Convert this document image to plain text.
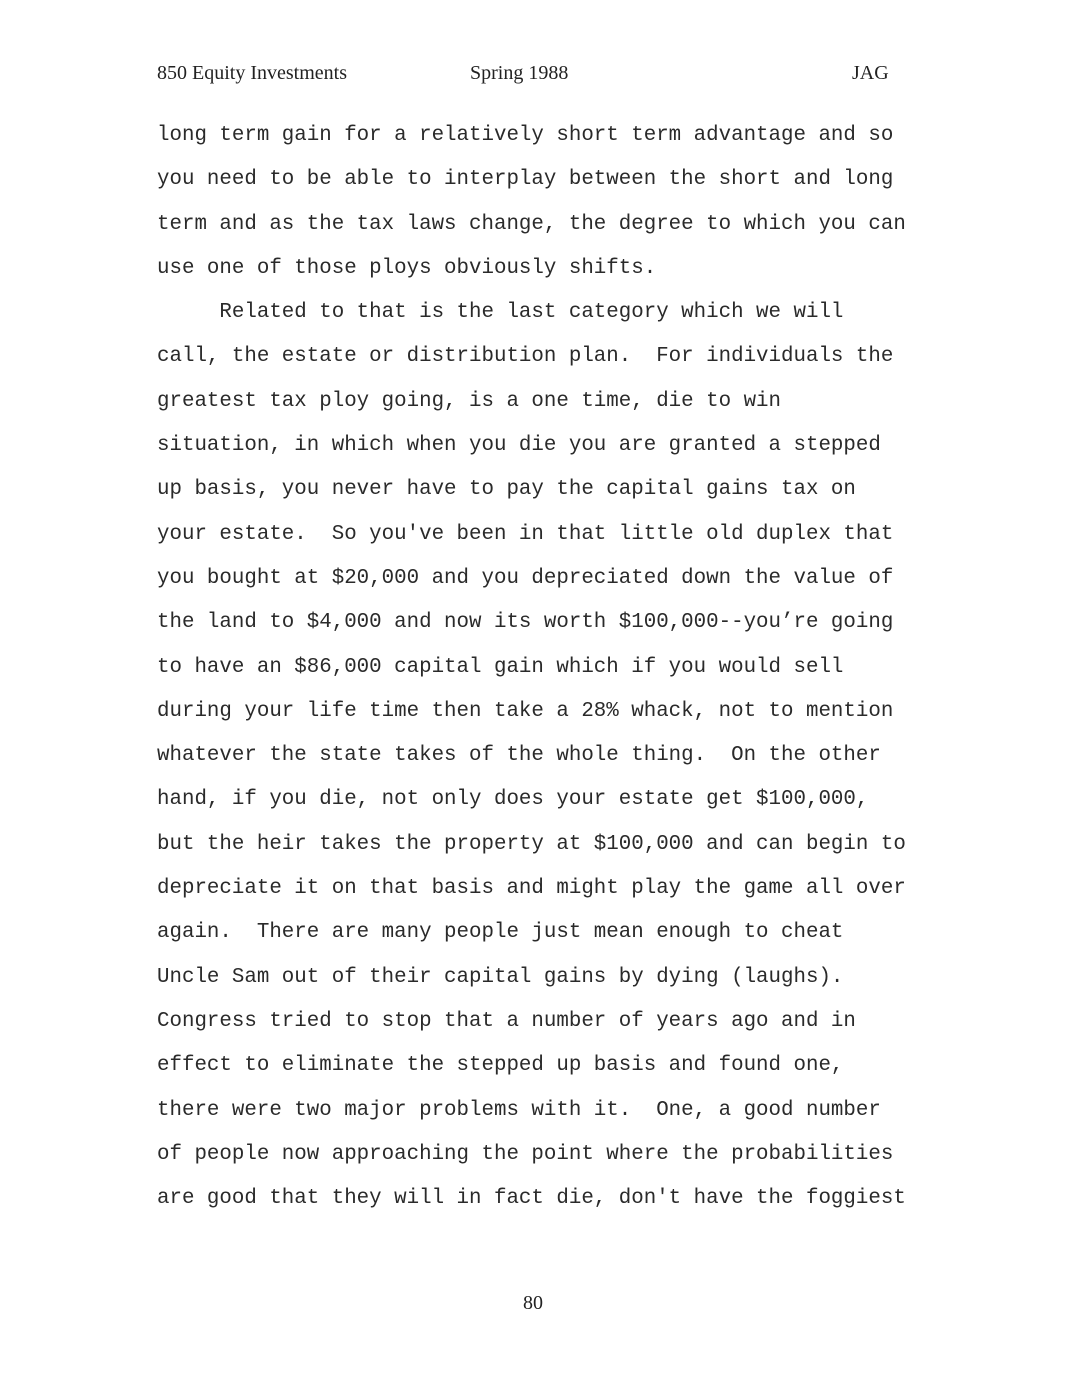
850 Equity Investments	Spring 1988	JAG
long term gain for a relatively short term advantage and so
you need to be able to interplay between the short and long
term and as the tax laws change, the degree to which you can
use one of those ploys obviously shifts.
Related to that is the last category which we will
call, the estate or distribution plan.  For individuals the
greatest tax ploy going, is a one time, die to win
situation, in which when you die you are granted a stepped
up basis, you never have to pay the capital gains tax on
your estate.  So you've been in that little old duplex that
you bought at $20,000 and you depreciated down the value of
the land to $4,000 and now its worth $100,000--you’re going
to have an $86,000 capital gain which if you would sell
during your life time then take a 28% whack, not to mention
whatever the state takes of the whole thing.  On the other
hand, if you die, not only does your estate get $100,000,
but the heir takes the property at $100,000 and can begin to
depreciate it on that basis and might play the game all over
again.  There are many people just mean enough to cheat
Uncle Sam out of their capital gains by dying (laughs).
Congress tried to stop that a number of years ago and in
effect to eliminate the stepped up basis and found one,
there were two major problems with it.  One, a good number
of people now approaching the point where the probabilities
are good that they will in fact die, don't have the foggiest
80
